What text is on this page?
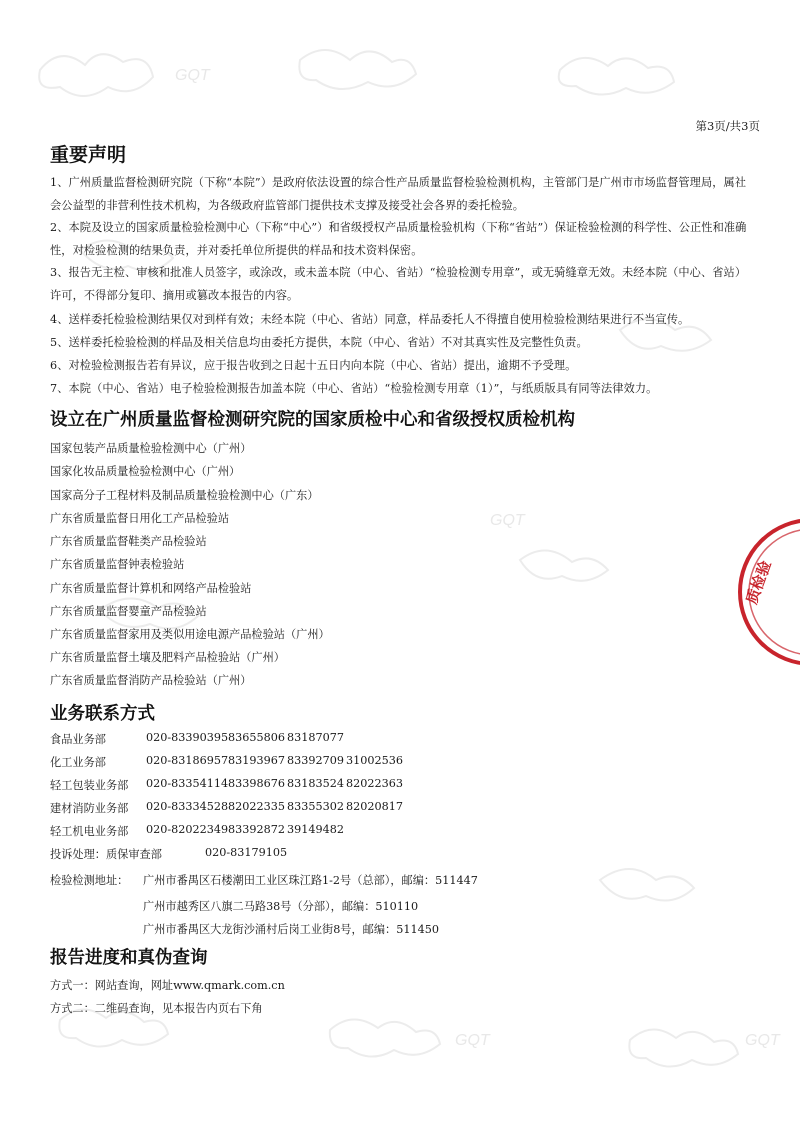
GQT
GQT
GQT	GQT
第3页/共3页
重要声明
1、广州质量监督检测研究院（下称“本院”）是政府依法设置的综合性产品质量监督检验检测机构，主管部门是广州市市场监督管理局，属社会公益型的非营利性技术机构，为各级政府监管部门提供技术支撑及接受社会各界的委托检验。
2、本院及设立的国家质量检验检测中心（下称“中心”）和省级授权产品质量检验机构（下称“省站”）保证检验检测的科学性、公正性和准确性，对检验检测的结果负责，并对委托单位所提供的样品和技术资料保密。
3、报告无主检、审核和批准人员签字，或涂改，或未盖本院（中心、省站）“检验检测专用章”，或无骑缝章无效。未经本院（中心、省站）许可，不得部分复印、摘用或篡改本报告的内容。
4、送样委托检验检测结果仅对到样有效；未经本院（中心、省站）同意，样品委托人不得擅自使用检验检测结果进行不当宣传。
5、送样委托检验检测的样品及相关信息均由委托方提供，本院（中心、省站）不对其真实性及完整性负责。
6、对检验检测报告若有异议，应于报告收到之日起十五日内向本院（中心、省站）提出，逾期不予受理。
7、本院（中心、省站）电子检验检测报告加盖本院（中心、省站）“检验检测专用章（1）”，与纸质版具有同等法律效力。
设立在广州质量监督检测研究院的国家质检中心和省级授权质检机构
国家包装产品质量检验检测中心（广州）
国家化妆品质量检验检测中心（广州）
国家高分子工程材料及制品质量检验检测中心（广东）
广东省质量监督日用化工产品检验站
广东省质量监督鞋类产品检验站
广东省质量监督钟表检验站
广东省质量监督计算机和网络产品检验站
广东省质量监督婴童产品检验站
广东省质量监督家用及类似用途电源产品检验站（广州）
广东省质量监督土壤及肥料产品检验站（广州）
广东省质量监督消防产品检验站（广州）
业务联系方式
食品业务部	020-83390395 83655806 83187077
化工业务部	020-83186957 83193967 83392709 31002536
轻工包装业务部 020-83354114 83398676 83183524 82022363
建材消防业务部 020-83334528 82022335 83355302 82020817
轻工机电业务部 020-82022349 83392872 39149482
投诉处理：质保审查部	020-83179105
检验检测地址： 广州市番禺区石楼潮田工业区珠江路1-2号（总部），邮编：511447
广州市越秀区八旗二马路38号（分部），邮编：510110
广州市番禺区大龙街沙涌村后岗工业街8号，邮编：511450
报告进度和真伪查询
方式一：网站查询，网址www.qmark.com.cn
方式二：二维码查询，见本报告内页右下角
质检验
